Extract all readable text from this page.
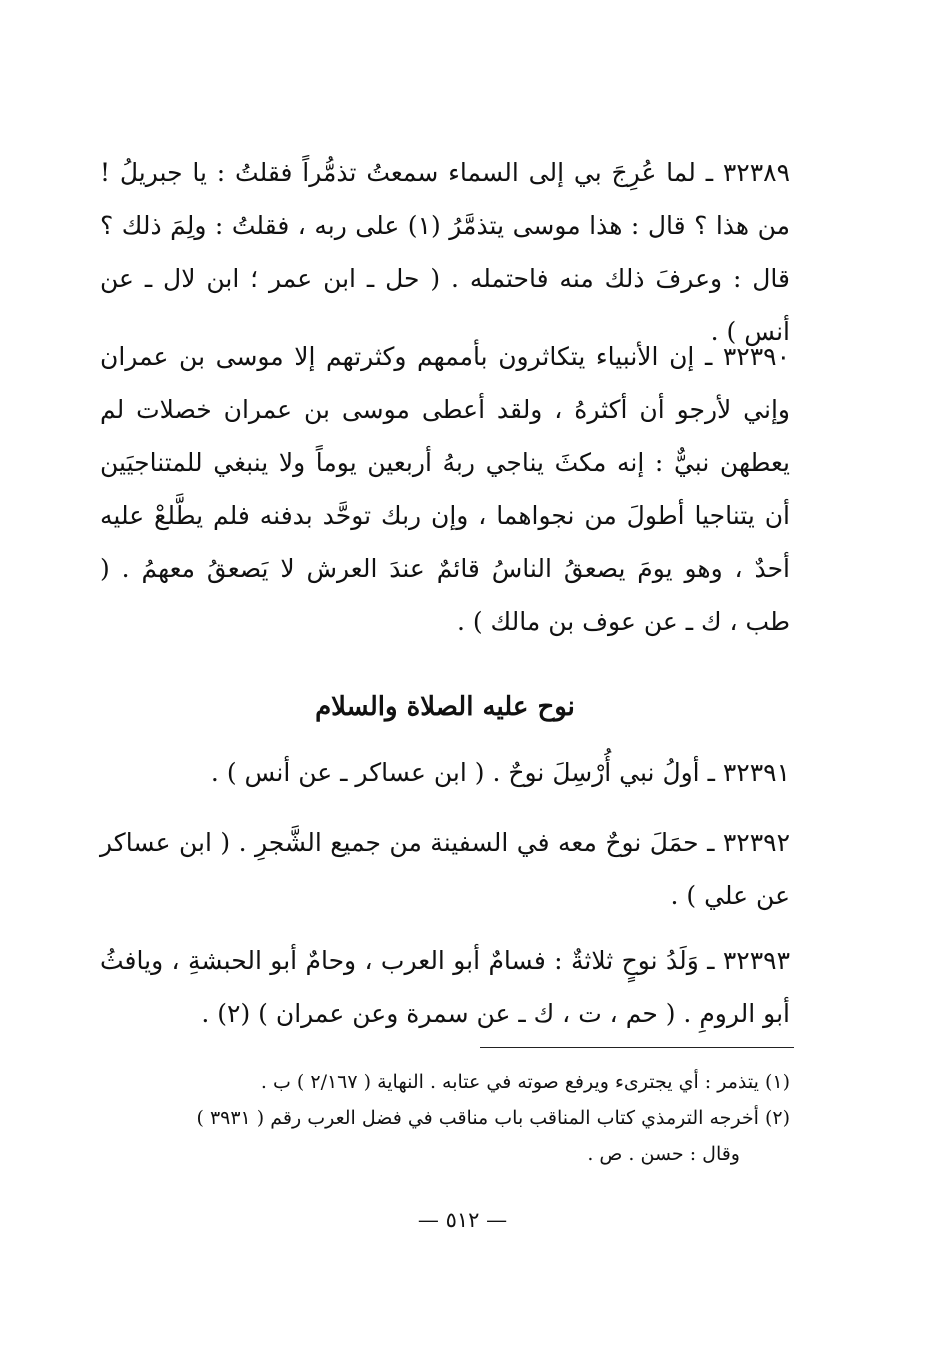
٣٢٣٨٩ ـ لما عُرِجَ بي إلى السماء سمعتُ تذمُّراً فقلتُ : يا جبريلُ ! من هذا ؟ قال : هذا موسى يتذمَّرُ (١) على ربه ، فقلتُ : ولِمَ ذلك ؟ قال : وعرفَ ذلك منه فاحتمله . ( حل ـ ابن عمر ؛ ابن لال ـ عن أنس ) .

٣٢٣٩٠ ـ إن الأنبياء يتكاثرون بأممهم وكثرتهم إلا موسى بن عمران وإني لأرجو أن أكثرهُ ، ولقد أعطى موسى بن عمران خصلات لم يعطهن نبيٌّ : إنه مكثَ يناجي ربهُ أربعين يوماً ولا ينبغي للمتناجيَين أن يتناجيا أطولَ من نجواهما ، وإن ربك توحَّد بدفنه فلم يطَّلعْ عليه أحدٌ ، وهو يومَ يصعقُ الناسُ قائمٌ عندَ العرش لا يَصعقُ معهمُ . ( طب ، ك ـ عن عوف بن مالك ) .

نوح عليه الصلاة والسلام

٣٢٣٩١ ـ أولُ نبي أُرْسِلَ نوحٌ . ( ابن عساكر ـ عن أنس ) .

٣٢٣٩٢ ـ حمَلَ نوحٌ معه في السفينة من جميع الشَّجرِ . ( ابن عساكر عن علي ) .

٣٢٣٩٣ ـ وَلَدُ نوحٍ ثلاثةٌ : فسامٌ أبو العرب ، وحامٌ أبو الحبشةِ ، ويافثُ أبو الرومِ . ( حم ، ت ، ك ـ عن سمرة وعن عمران ) (٢) .

(١) يتذمر : أي يجترىء ويرفع صوته في عتابه . النهاية ( ٢/١٦٧ ) ب .

(٢) أخرجه الترمذي كتاب المناقب باب مناقب في فضل العرب رقم ( ٣٩٣١ )

وقال : حسن . ص .

— ٥١٢ —
